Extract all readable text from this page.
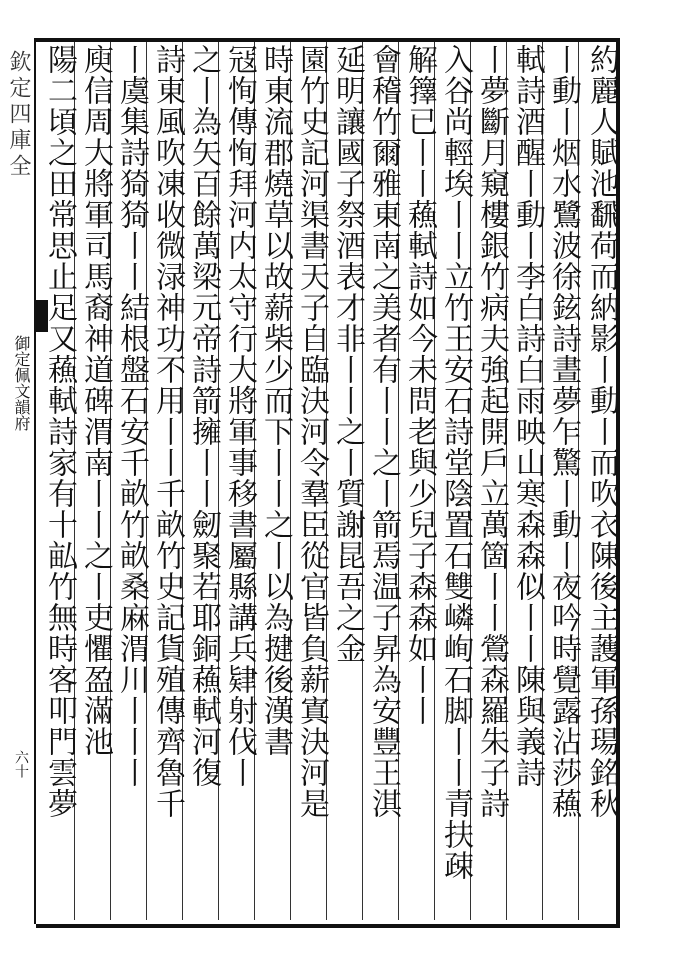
欽定四庫全
御定佩文韻府
六十	約麗人賦池飜荷而納影丨動丨而吹衣陳後主䕶軍孫瑒銘秋
丨動丨烟水鷺波徐鉉詩晝夢乍驚丨動丨夜吟時覺露沾莎蘓
軾詩酒醒丨動丨李白詩白雨映山寒森森似丨丨陳與義詩
丨夢斷月窺樓銀竹病夫強起開戶立萬箇丨丨鶯森羅朱子詩
入谷尚輕埃丨丨立竹王安石詩堂陰置石雙嶙峋石脚丨丨青扶疎
解籜已丨丨蘓軾詩如今未問老與少兒子森森如丨丨
會稽竹爾雅東南之美者有丨丨之丨箭焉温子昇為安豐王淇
延明讓國子祭酒表才非丨丨之丨質謝昆吾之金
園竹史記河渠書天子自臨決河令羣臣從官皆負薪寘決河是
時東流郡燒草以故薪柴少而下丨丨之丨以為揵後漢書
冦恂傳恂拜河内太守行大將軍事移書屬縣講兵肄射伐丨
之丨為矢百餘萬梁元帝詩箭擁丨丨劒聚若耶銅蘓軾河復
詩東風吹凍收微渌神功不用丨丨千畝竹史記貨殖傳齊魯千
丨虞集詩猗猗丨丨結根盤石安千畝竹畝桑麻渭川丨丨丨
庾信周大將軍司馬裔神道碑渭南丨丨之丨吏懼盈滿池
陽二頃之田常思止足又蘓軾詩家有十畆竹無時客叩門雲夢
